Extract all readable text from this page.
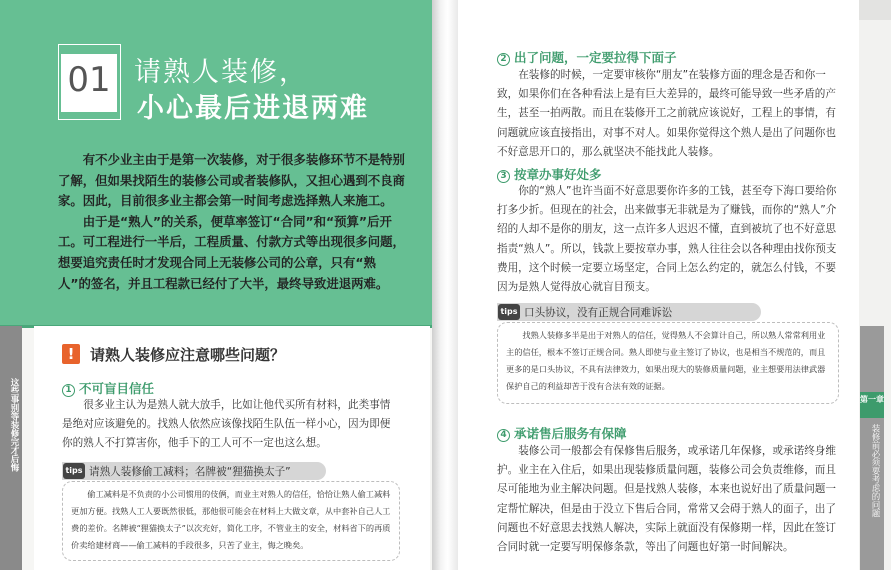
01 请熟人装修，
小心最后进退两难

有不少业主由于是第一次装修，对于很多装修环节不是特别了解，但如果找陌生的装修公司或者装修队，又担心遇到不良商家。因此，目前很多业主都会第一时间考虑选择熟人来施工。

由于是“熟人”的关系，便草率签订“合同”和“预算”后开工。可工程进行一半后，工程质量、付款方式等出现很多问题，想要追究责任时才发现合同上无装修公司的公章，只有“熟人”的签名，并且工程款已经付了大半，最终导致进退两难。

这些事别等装修完才后悔
!	请熟人装修应注意哪些问题？
1 不可盲目信任
很多业主认为是熟人就大放手，比如让他代买所有材料，此类事情是绝对应该避免的。找熟人依然应该像找陌生队伍一样小心，因为即便你的熟人不打算害你，他手下的工人可不一定也这么想。
tips 请熟人装修偷工减料；名牌被“狸猫换太子”
偷工减料是不负责的小公司惯用的伎俩，而业主对熟人的信任，恰恰让熟人偷工减料更加方便。找熟人工人要既然很低，那他很可能会在材料上大做文章，从中套补自己人工费的差价。名牌被“狸猫换太子”以次充好，简化工序，不管业主的安全，材料省下的再质价卖给建材商——偷工减料的手段很多，只苦了业主，悔之晚矣。
第一章
装修前必须要考虑的问题
2 出了问题，一定要拉得下面子
在装修的时候，一定要审核你“朋友”在装修方面的理念是否和你一致，如果你们在各种看法上是有巨大差异的，最终可能导致一些矛盾的产生，甚至一拍两散。而且在装修开工之前就应该说好，工程上的事情，有问题就应该直接指出，对事不对人。如果你觉得这个熟人是出了问题你也不好意思开口的，那么就坚决不能找此人装修。
3 按章办事好处多
你的“熟人”也许当面不好意思要你许多的工钱，甚至夸下海口要给你打多少折。但现在的社会，出来做事无非就是为了赚钱，而你的“熟人”介绍的人却不是你的朋友，这一点许多人迟迟不懂，直到被坑了也不好意思指责“熟人”。所以，钱款上要按章办事，熟人往往会以各种理由找你预支费用，这个时候一定要立场坚定，合同上怎么约定的，就怎么付钱，不要因为是熟人觉得放心就盲目预支。
tips 口头协议，没有正规合同难诉讼
找熟人装修多半是出于对熟人的信任，觉得熟人不会算计自己，所以熟人常常利用业主的信任，根本不签订正规合同。熟人即使与业主签订了协议，也是相当不规范的，而且更多的是口头协议，不具有法律效力，如果出现大的装修质量问题，业主想要用法律武器保护自己的利益却苦于没有合法有效的证据。
4 承诺售后服务有保障
装修公司一般都会有保修售后服务，或承诺几年保修，或承诺终身维护。业主在入住后，如果出现装修质量问题，装修公司会负责维修，而且尽可能地为业主解决问题。但是找熟人装修，本来也说好出了质量问题一定帮忙解决，但是由于没立下售后合同，常常又会碍于熟人的面子，出了问题也不好意思去找熟人解决，实际上就面没有保修期一样，因此在签订合同时就一定要写明保修条款，等出了问题也好第一时间解决。
